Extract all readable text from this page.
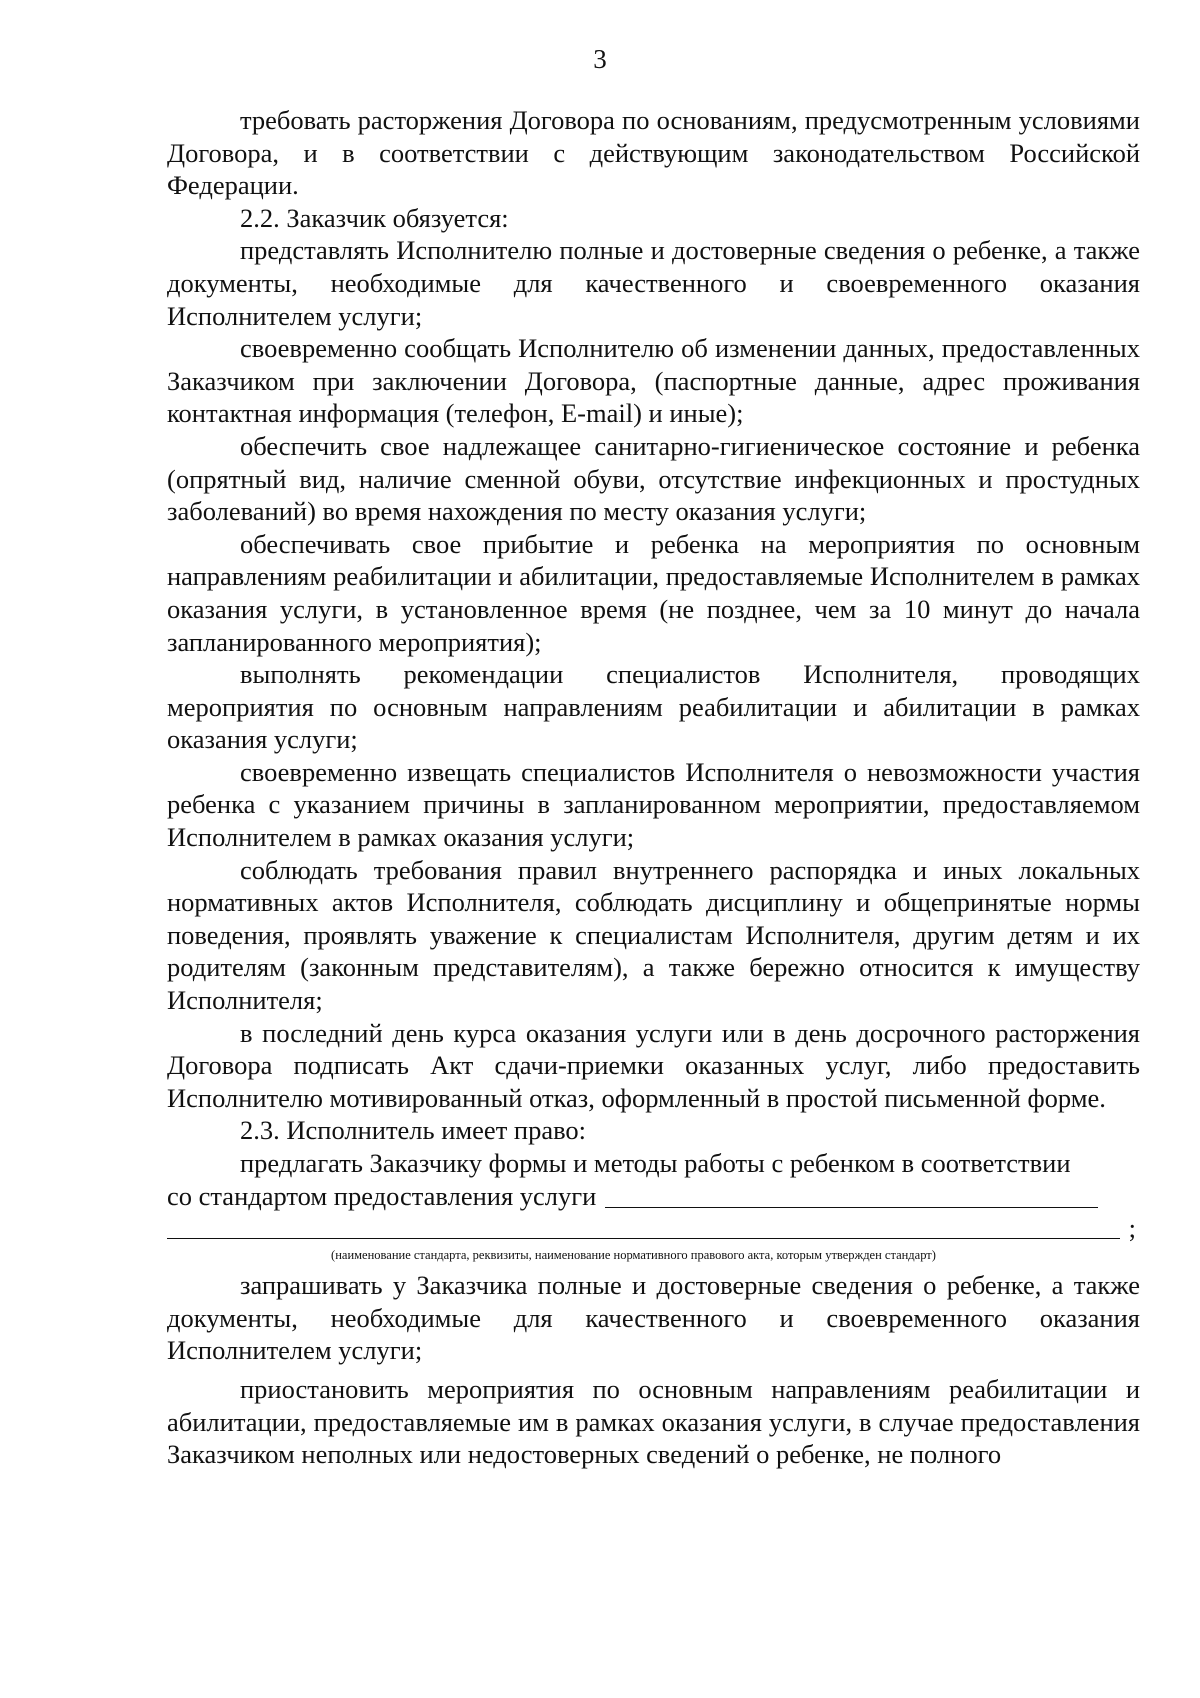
3

требовать расторжения Договора по основаниям, предусмотренным условиями Договора, и в соответствии с действующим законодательством Российской Федерации.

2.2. Заказчик обязуется:

представлять Исполнителю полные и достоверные сведения о ребенке, а также документы, необходимые для качественного и своевременного оказания Исполнителем услуги;

своевременно сообщать Исполнителю об изменении данных, предоставленных Заказчиком при заключении Договора, (паспортные данные, адрес проживания контактная информация (телефон, E-mail) и иные);

обеспечить свое надлежащее санитарно-гигиеническое состояние и ребенка (опрятный вид, наличие сменной обуви, отсутствие инфекционных и простудных заболеваний) во время нахождения по месту оказания услуги;

обеспечивать свое прибытие и ребенка на мероприятия по основным направлениям реабилитации и абилитации, предоставляемые Исполнителем в рамках оказания услуги, в установленное время (не позднее, чем за 10 минут до начала запланированного мероприятия);

выполнять рекомендации специалистов Исполнителя, проводящих мероприятия по основным направлениям реабилитации и абилитации в рамках оказания услуги;

своевременно извещать специалистов Исполнителя о невозможности участия ребенка с указанием причины в запланированном мероприятии, предоставляемом Исполнителем в рамках оказания услуги;

соблюдать требования правил внутреннего распорядка и иных локальных нормативных актов Исполнителя, соблюдать дисциплину и общепринятые нормы поведения, проявлять уважение к специалистам Исполнителя, другим детям и их родителям (законным представителям), а также бережно относится к имуществу Исполнителя;

в последний день курса оказания услуги или в день досрочного расторжения Договора подписать Акт сдачи-приемки оказанных услуг, либо предоставить Исполнителю мотивированный отказ, оформленный в простой письменной форме.

2.3. Исполнитель имеет право:

предлагать Заказчику формы и методы работы с ребенком в соответствии

со стандартом предоставления услуги
;
(наименование стандарта, реквизиты, наименование нормативного правового акта, которым утвержден стандарт)

запрашивать у Заказчика полные и достоверные сведения о ребенке, а также документы, необходимые для качественного и своевременного оказания Исполнителем услуги;

приостановить мероприятия по основным направлениям реабилитации и абилитации, предоставляемые им в рамках оказания услуги, в случае предоставления Заказчиком неполных или недостоверных сведений о ребенке, не полного
